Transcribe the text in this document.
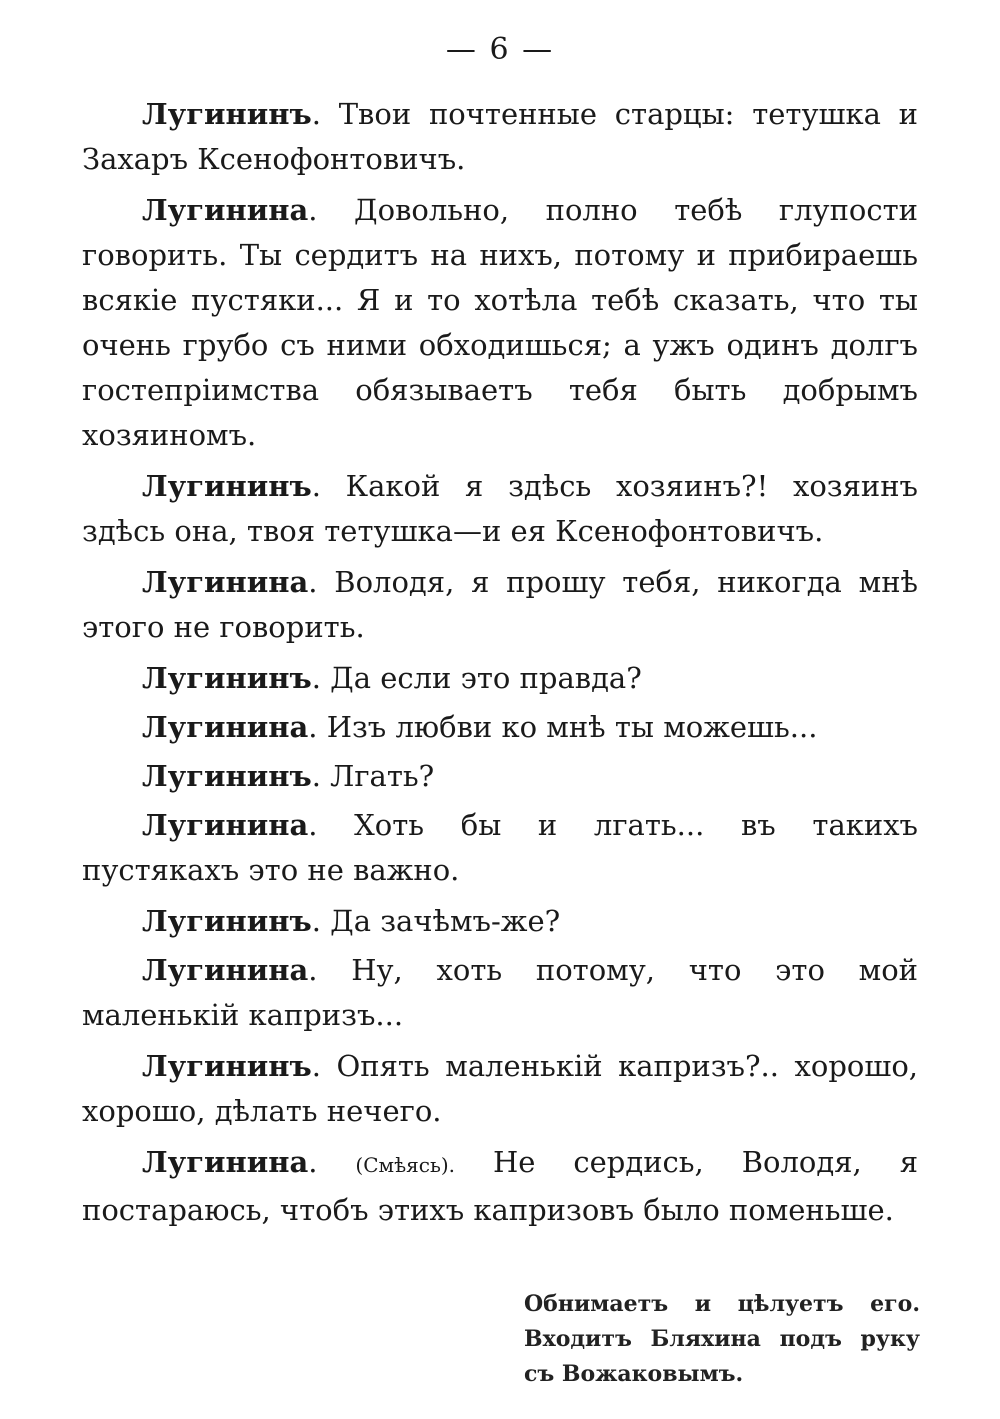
— 6 —

Лугининъ. Твои почтенные старцы: тетушка и Захаръ Ксенофонтовичъ.

Лугинина. Довольно, полно тебѣ глупости говорить. Ты сердитъ на нихъ, потому и прибираешь всякіе пустяки... Я и то хотѣла тебѣ сказать, что ты очень грубо съ ними обходишься; а ужъ одинъ долгъ гостепріимства обязываетъ тебя быть добрымъ хозяиномъ.

Лугининъ. Какой я здѣсь хозяинъ?! хозяинъ здѣсь она, твоя тетушка—и ея Ксенофонтовичъ.

Лугинина. Володя, я прошу тебя, никогда мнѣ этого не говорить.

Лугининъ. Да если это правда?

Лугинина. Изъ любви ко мнѣ ты можешь...

Лугининъ. Лгать?

Лугинина. Хоть бы и лгать... въ такихъ пустякахъ это не важно.

Лугининъ. Да зачѣмъ-же?

Лугинина. Ну, хоть потому, что это мой маленькій капризъ...

Лугининъ. Опять маленькій капризъ?.. хорошо, хорошо, дѣлать нечего.

Лугинина. (Смѣясь). Не сердись, Володя, я постараюсь, чтобъ этихъ капризовъ было поменьше.

Обнимаетъ и цѣлуетъ его. Входитъ Бляхина подъ руку съ Вожаковымъ.
